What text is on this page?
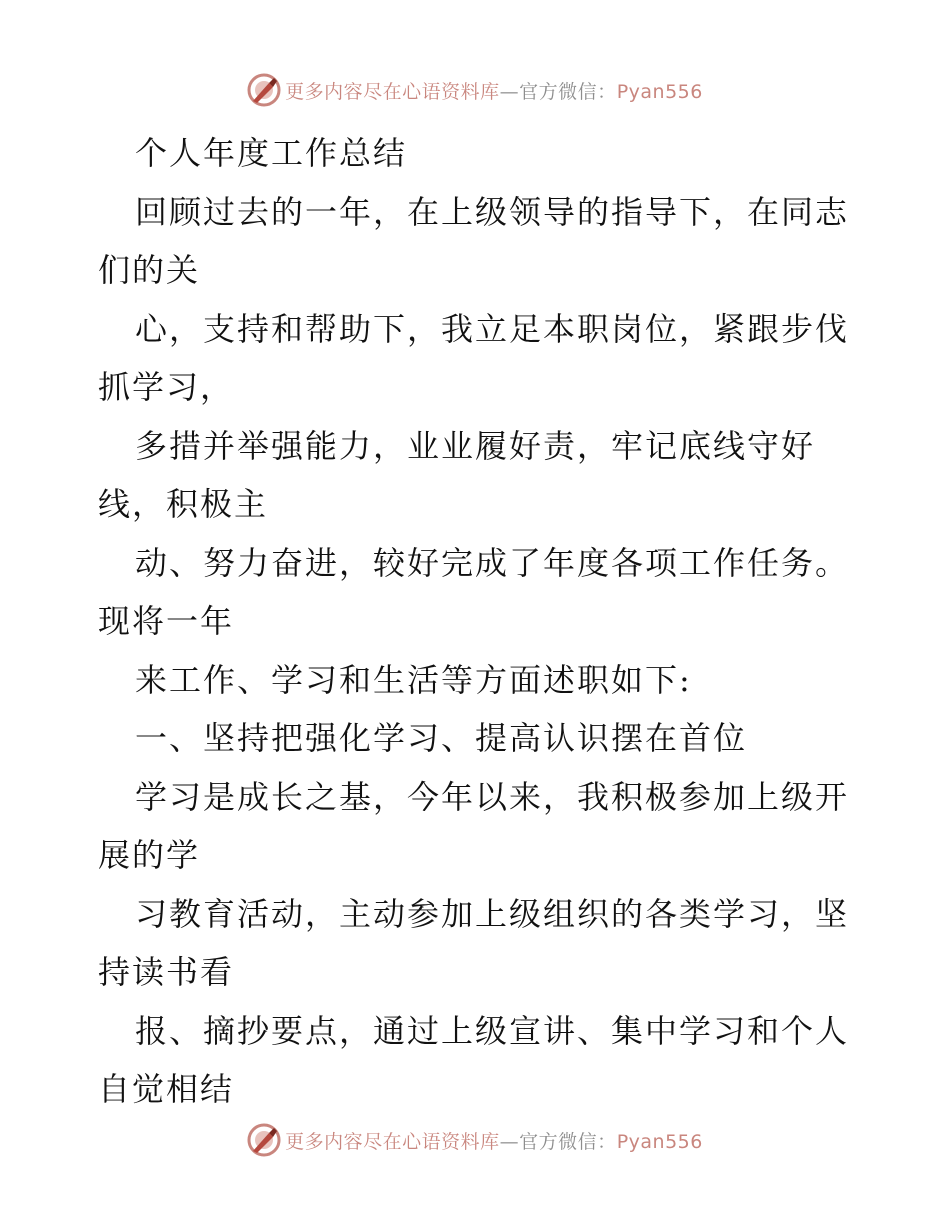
更多内容尽在心语资料库—官方微信：Pyan556
个人年度工作总结
回顾过去的一年，在上级领导的指导下，在同志
们的关
心，支持和帮助下，我立足本职岗位，紧跟步伐
抓学习，
多措并举强能力，业业履好责，牢记底线守好
线，积极主
动、努力奋进，较好完成了年度各项工作任务。
现将一年
来工作、学习和生活等方面述职如下:
一、坚持把强化学习、提高认识摆在首位
学习是成长之基，今年以来，我积极参加上级开
展的学
习教育活动，主动参加上级组织的各类学习，坚
持读书看
报、摘抄要点，通过上级宣讲、集中学习和个人
自觉相结
更多内容尽在心语资料库—官方微信：Pyan556
